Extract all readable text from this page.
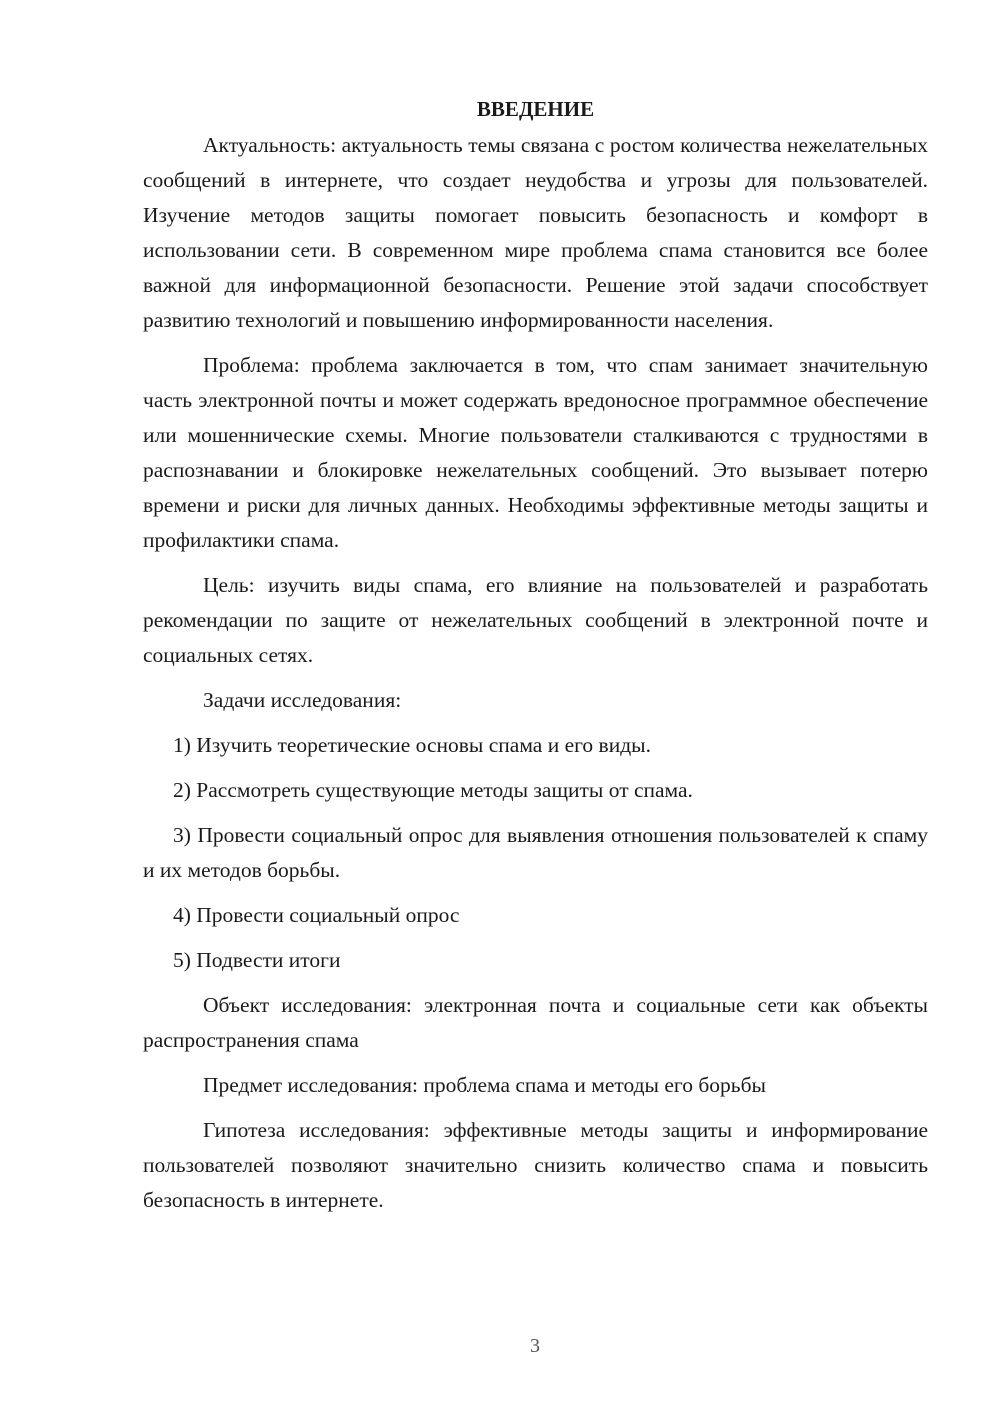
ВВЕДЕНИЕ

Актуальность: актуальность темы связана с ростом количества нежелательных сообщений в интернете, что создает неудобства и угрозы для пользователей. Изучение методов защиты помогает повысить безопасность и комфорт в использовании сети. В современном мире проблема спама становится все более важной для информационной безопасности. Решение этой задачи способствует развитию технологий и повышению информированности населения.

Проблема: проблема заключается в том, что спам занимает значительную часть электронной почты и может содержать вредоносное программное обеспечение или мошеннические схемы. Многие пользователи сталкиваются с трудностями в распознавании и блокировке нежелательных сообщений. Это вызывает потерю времени и риски для личных данных. Необходимы эффективные методы защиты и профилактики спама.

Цель: изучить виды спама, его влияние на пользователей и разработать рекомендации по защите от нежелательных сообщений в электронной почте и социальных сетях.

Задачи исследования:

1) Изучить теоретические основы спама и его виды.

2) Рассмотреть существующие методы защиты от спама.

3) Провести социальный опрос для выявления отношения пользователей к спаму и их методов борьбы.

4) Провести социальный опрос

5) Подвести итоги

Объект исследования: электронная почта и социальные сети как объекты распространения спама

Предмет исследования: проблема спама и методы его борьбы

Гипотеза исследования: эффективные методы защиты и информирование пользователей позволяют значительно снизить количество спама и повысить безопасность в интернете.

3
